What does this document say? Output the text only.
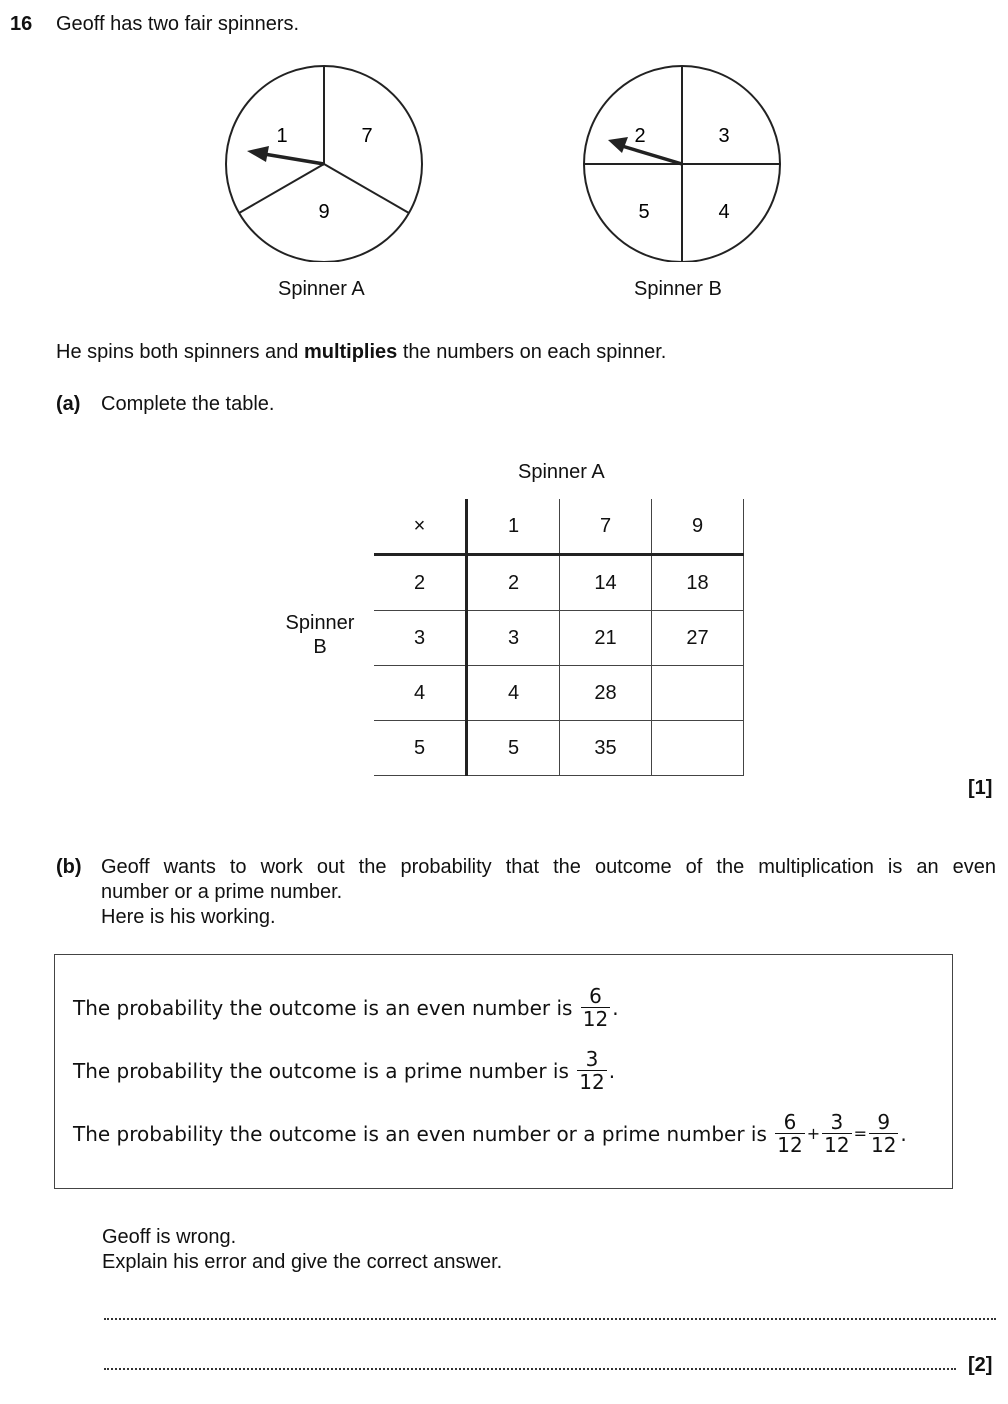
16 Geoff has two fair spinners.
1	7
9
Spinner A
2	3
5	4
Spinner B
He spins both spinners and multiplies the numbers on each spinner.
(a) Complete the table.
Spinner A
Spinner
B
×	1	7	9
2	2	14	18
3	3	21	27
4	4	28	
5	5	35	
[1]
(b) Geoff wants to work out the probability that the outcome of the multiplication is an even
number or a prime number.
Here is his working.
The probability the outcome is an even number is
$\frac{6}{12}$ .
The probability the outcome is a prime number is
$\frac{3}{12}$ .
The probability the outcome is an even number or a prime number is
$\frac{6}{12} + \frac{3}{12} = \frac{9}{12}$ .
Geoff is wrong.
Explain his error and give the correct answer.
[2]
